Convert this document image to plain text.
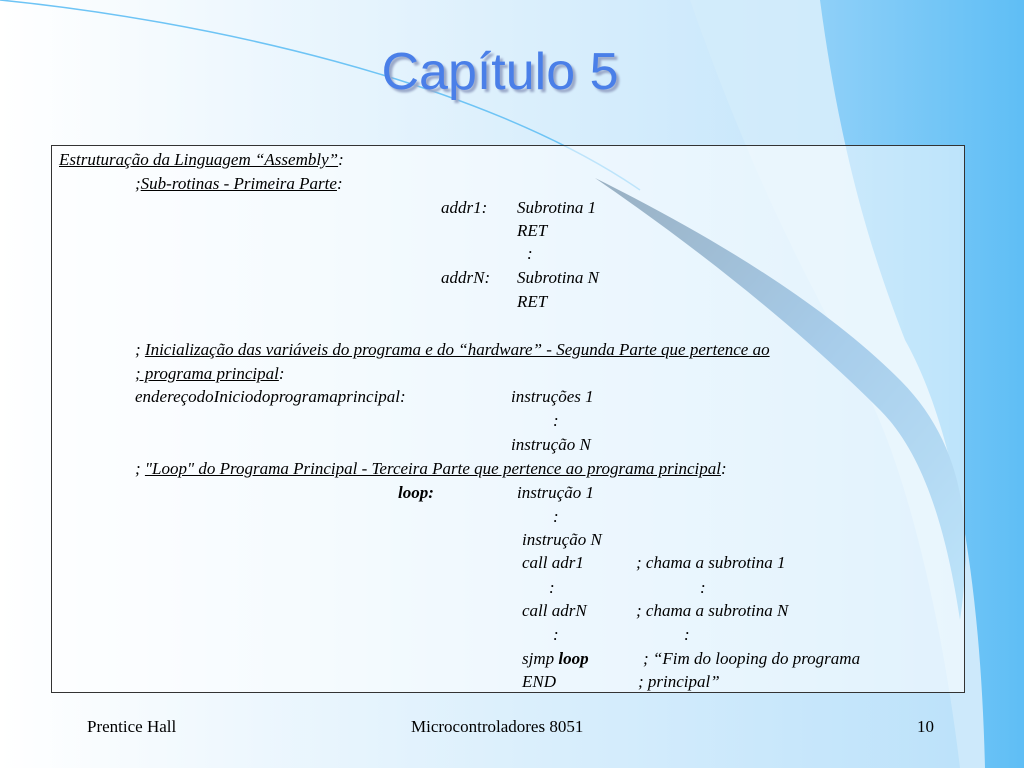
Capítulo 5
Estruturação da Linguagem “Assembly”:
;Sub-rotinas - Primeira Parte:
addr1: Subrotina 1
RET
:
addrN: Subrotina N
RET
; Inicialização das variáveis do programa e do “hardware” - Segunda Parte que pertence ao
; programa principal:
endereçodoIniciodoprogramaprincipal:	instruções 1
:
instrução N
; "Loop" do Programa Principal - Terceira Parte que pertence ao programa principal:
loop:	instrução 1
:
instrução N
call adr1	; chama a subrotina 1
:	:
call adrN	; chama a subrotina N
:	:
sjmp loop	; “Fim do looping do programa
END	; principal”
Prentice Hall	Microcontroladores 8051	10
